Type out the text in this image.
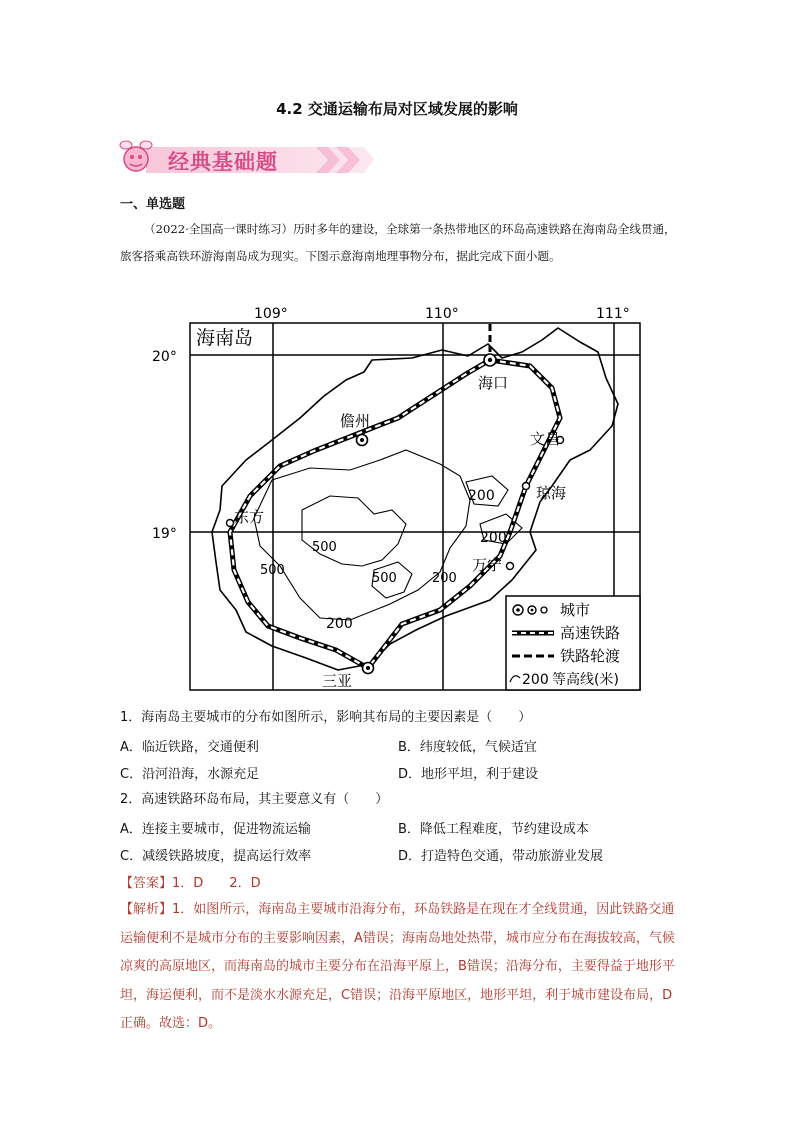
4.2 交通运输布局对区域发展的影响
经典基础题
一、单选题
（2022·全国高一课时练习）历时多年的建设，全球第一条热带地区的环岛高速铁路在海南岛全线贯通，旅客搭乘高铁环游海南岛成为现实。下图示意海南地理事物分布，据此完成下面小题。
109°	110°	111°
20°
19°
海南岛
200
200
500
500
500	200
200
海口
儋州
文昌
琼海
东方
万宁
三亚
城市
高速铁路
铁路轮渡
200 等高线(米)
1．海南岛主要城市的分布如图所示，影响其布局的主要因素是（　　）
A．临近铁路，交通便利	B．纬度较低，气候适宜
C．沿河沿海，水源充足	D．地形平坦，利于建设
2．高速铁路环岛布局，其主要意义有（　　）
A．连接主要城市，促进物流运输	B．降低工程难度，节约建设成本
C．减缓铁路坡度，提高运行效率	D．打造特色交通，带动旅游业发展
【答案】1．D　　2．D
【解析】1．如图所示，海南岛主要城市沿海分布，环岛铁路是在现在才全线贯通，因此铁路交通运输便利不是城市分布的主要影响因素，A错误；海南岛地处热带，城市应分布在海拔较高，气候凉爽的高原地区，而海南岛的城市主要分布在沿海平原上，B错误；沿海分布，主要得益于地形平坦，海运便利，而不是淡水水源充足，C错误；沿海平原地区，地形平坦，利于城市建设布局，D正确。故选：D。
